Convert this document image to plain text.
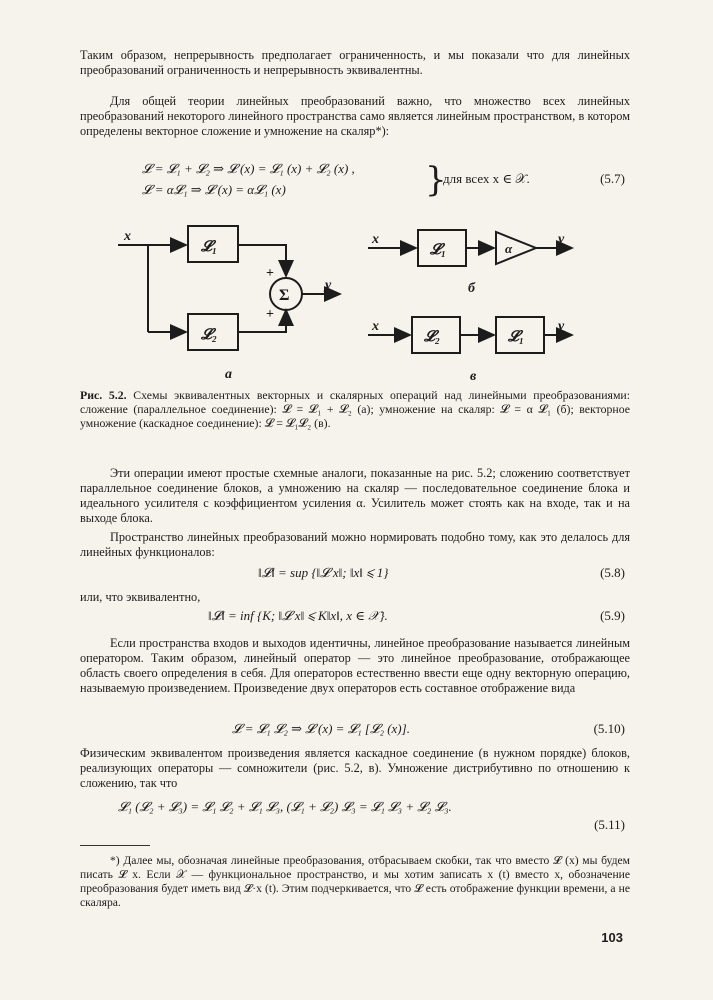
Таким образом, непрерывность предполагает ограниченность, и мы показали что для линейных преобразований ограниченность и непрерывность эквивалентны.

Для общей теории линейных преобразований важно, что множество всех линейных преобразований некоторого линейного пространства само является линейным пространством, в котором определены векторное сложение и умножение на скаляр*):

𝓛 = 𝓛₁ + 𝓛₂ ⇒ 𝓛 (x) = 𝓛₁ (x) + 𝓛₂ (x) ,
𝓛 = α𝓛₁ ⇒ 𝓛 (x) = α𝓛₁ (x)	}
для всех x ∈ 𝒳.	(5.7)
x
𝓛₁
𝓛₂
Σ
+
+
y
а
x
𝓛₁	α
y
б
x
𝓛₂	𝓛₁
y
в

Рис. 5.2. Схемы эквивалентных векторных и скалярных операций над линейными преобразованиями: сложение (параллельное соединение): 𝓛 = 𝓛₁ + 𝓛₂ (а); умножение на скаляр: 𝓛 = α 𝓛₁ (б); векторное умножение (каскадное соединение): 𝓛 = 𝓛₁𝓛₂ (в).

Эти операции имеют простые схемные аналоги, показанные на рис. 5.2; сложению соответствует параллельное соединение блоков, а умножению на скаляр — последовательное соединение блока и идеального усилителя с коэффициентом усиления α. Усилитель может стоять как на входе, так и на выходе блока.

Пространство линейных преобразований можно нормировать подобно тому, как это делалось для линейных функционалов:

‖𝓛‖ = sup {‖𝓛 x‖; ‖x‖ ⩽ 1}	(5.8)
или, что эквивалентно,
‖𝓛‖ = inf {K; ‖𝓛 x‖ ⩽ K‖x‖, x ∈ 𝒳}.	(5.9)

Если пространства входов и выходов идентичны, линейное преобразование называется линейным оператором. Таким образом, линейный оператор — это линейное преобразование, отображающее область своего определения в себя. Для операторов естественно ввести еще одну векторную операцию, называемую произведением. Произведение двух операторов есть составное отображение вида

𝓛 = 𝓛₁ 𝓛₂ ⇒ 𝓛 (x) = 𝓛₁ [𝓛₂ (x)].	(5.10)

Физическим эквивалентом произведения является каскадное соединение (в нужном порядке) блоков, реализующих операторы — сомножители (рис. 5.2, в). Умножение дистрибутивно по отношению к сложению, так что

𝓛₁ (𝓛₂ + 𝓛₃) = 𝓛₁ 𝓛₂ + 𝓛₁ 𝓛₃, (𝓛₁ + 𝓛₂) 𝓛₃ = 𝓛₁ 𝓛₃ + 𝓛₂ 𝓛₃.
(5.11)

*) Далее мы, обозначая линейные преобразования, отбрасываем скобки, так что вместо 𝓛 (x) мы будем писать 𝓛 x. Если 𝒳 — функциональное пространство, и мы хотим записать x (t) вместо x, обозначение преобразования будет иметь вид 𝓛·x (t). Этим подчеркивается, что 𝓛 есть отображение функции времени, а не скаляра.

103
